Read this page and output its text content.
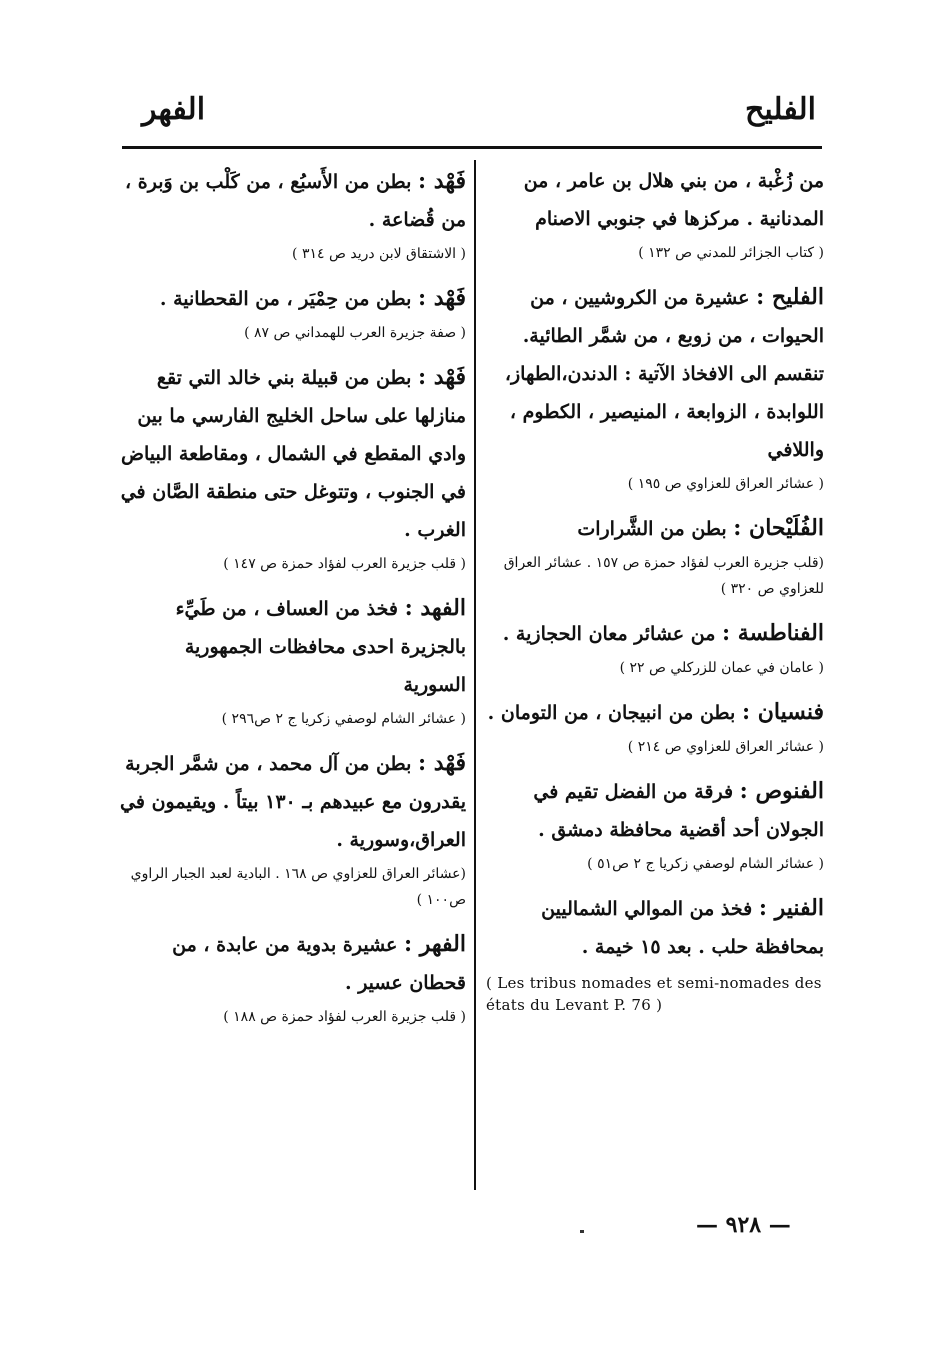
الفليح
الفهر

من زُغْبة ، من بني هلال بن عامر ، من المدنانية . مركزها في جنوبي الاصنام

( كتاب الجزائر للمدني ص ١٣٢ )

الفليح : عشيرة من الكروشيين ، من الحيوات ، من زوبع ، من شمَّر الطائية. تنقسم الى الافخاذ الآتية : الدندن،الطهاز، اللوابدة ، الزوابعة ، المنيصير ، الكطوم ، واللافي

( عشائر العراق للعزاوي ص ١٩٥ )

الفُلَيْحان : بطن من الشَّرارات

(قلب جزيرة العرب لفؤاد حمزة ص ١٥٧ . عشائر العراق للعزاوي ص ٣٢٠ )

الفناطسة : من عشائر معان الحجازية .

( عامان في عمان للزركلي ص ٢٢ )

فنسيان : بطن من انبيجان ، من التومان .

( عشائر العراق للعزاوي ص ٢١٤ )

الفنوص : فرقة من الفضل تقيم في الجولان أحد أقضية محافظة دمشق .

( عشائر الشام لوصفي زكريا ج ٢ ص٥١ )

الفنير : فخذ من الموالي الشماليين بمحافظة حلب . بعد ١٥ خيمة .

( Les tribus nomades et semi-nomades des états du Levant P. 76 )

فَهْد : بطن من الأَسبُع ، من كَلْب بن وَبرة ، من قُضاعة .

( الاشتقاق لابن دريد ص ٣١٤ )

فَهْد : بطن من حِمْيَر ، من القحطانية .

( صفة جزيرة العرب للهمداني ص ٨٧ )

فَهْد : بطن من قبيلة بني خالد التي تقع منازلها على ساحل الخليج الفارسي ما بين وادي المقطع في الشمال ، ومقاطعة البياض في الجنوب ، وتتوغل حتى منطقة الصَّان في الغرب .

( قلب جزيرة العرب لفؤاد حمزة ص ١٤٧ )

الفهد : فخذ من العساف ، من طَيِّء بالجزيرة احدى محافظات الجمهورية السورية

( عشائر الشام لوصفي زكريا ج ٢ ص٢٩٦ )

فَهْد : بطن من آل محمد ، من شمَّر الجربة يقدرون مع عبيدهم بـ ١٣٠ بيتاً . ويقيمون في العراق،وسورية .

(عشائر العراق للعزاوي ص ١٦٨ . البادية لعبد الجبار الراوي ص١٠٠ )

الفهر : عشيرة بدوية من عابدة ، من قحطان عسير .

( قلب جزيرة العرب لفؤاد حمزة ص ١٨٨ )

— ٩٢٨ —
